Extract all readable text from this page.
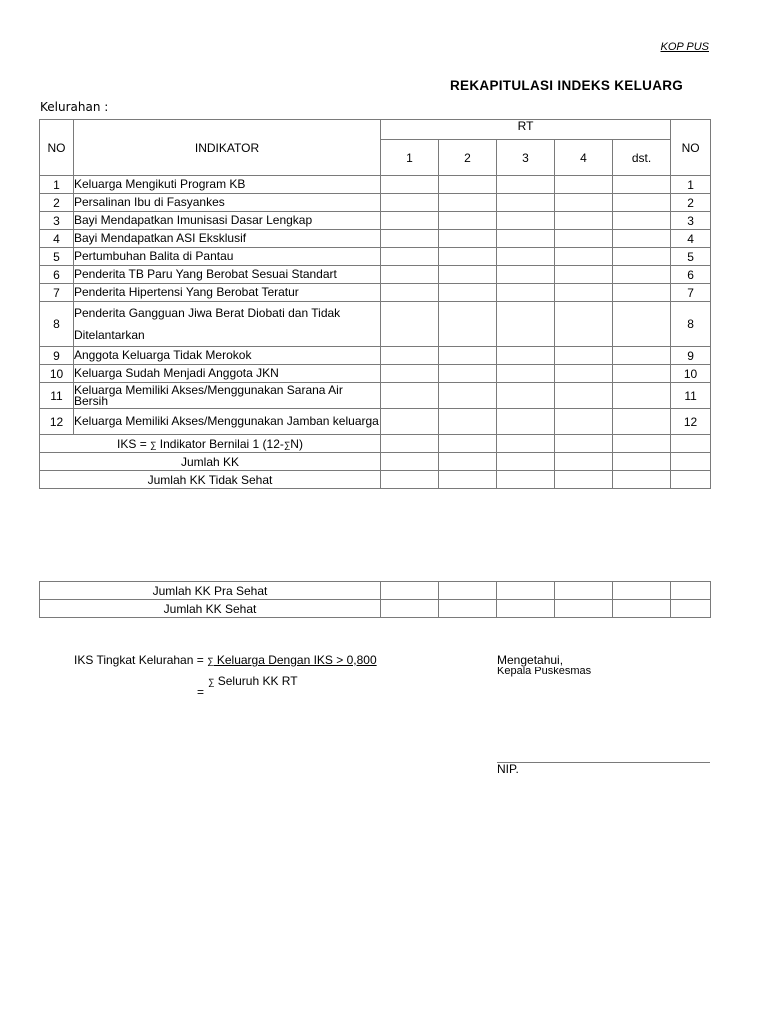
KOP PUS
REKAPITULASI INDEKS KELUARG
Kelurahan :
NO	INDIKATOR	RT					NO
		1	2	3	4	dst.	
1	Keluarga Mengikuti Program KB						1
2	Persalinan Ibu di Fasyankes						2
3	Bayi Mendapatkan Imunisasi Dasar Lengkap						3
4	Bayi Mendapatkan ASI Eksklusif						4
5	Pertumbuhan Balita di Pantau						5
6	Penderita TB Paru Yang Berobat Sesuai Standart						6
7	Penderita Hipertensi Yang Berobat Teratur						7
8	Penderita Gangguan Jiwa Berat Diobati dan Tidak Ditelantarkan						8
9	Anggota Keluarga Tidak Merokok						9
10	Keluarga Sudah Menjadi Anggota JKN						10
11	Keluarga Memiliki Akses/Menggunakan Sarana Air Bersih						11
12	Keluarga Memiliki Akses/Menggunakan Jamban keluarga						12
IKS = ∑ Indikator Bernilai 1 (12-∑N)							
Jumlah KK							
Jumlah KK Tidak Sehat							
Jumlah KK Pra Sehat						
Jumlah KK Sehat						
IKS Tingkat Kelurahan = ∑ Keluarga Dengan IKS > 0,800
∑ Seluruh KK RT
=
Mengetahui,
Kepala Puskesmas
NIP.
